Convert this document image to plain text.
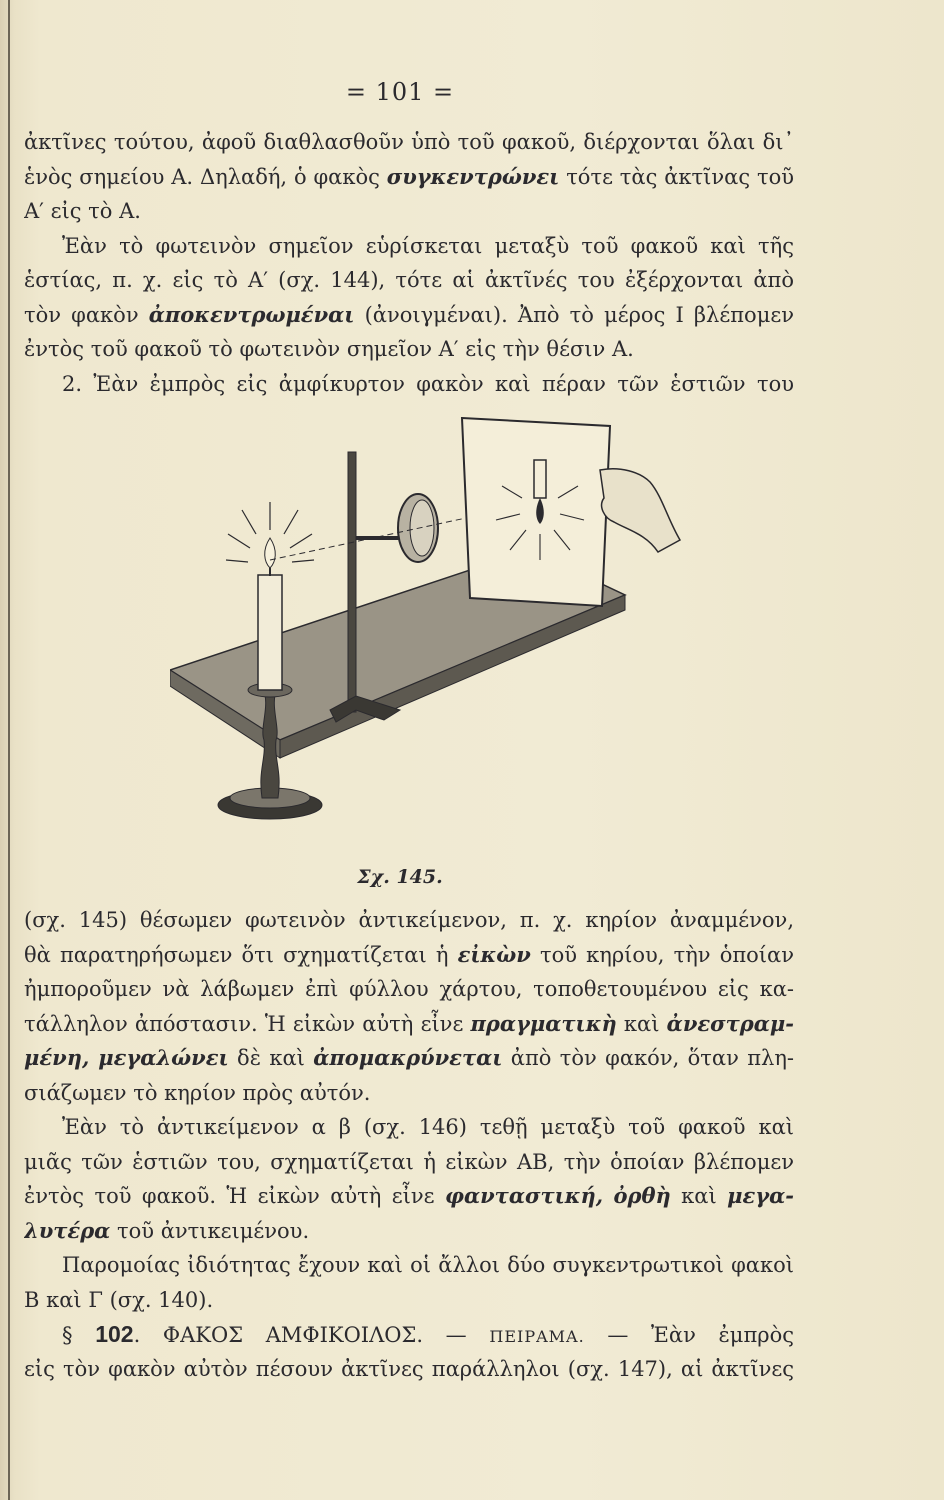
= 101 =
ἀκτῖνες τούτου, ἀφοῦ διαθλασθοῦν ὑπὸ τοῦ φακοῦ, διέρχονται ὅλαι δι᾽
ἑνὸς σημείου Α. Δηλαδή, ὁ φακὸς συγκεντρώνει τότε τὰς ἀκτῖνας τοῦ
Α′ εἰς τὸ Α.
Ἐὰν τὸ φωτεινὸν σημεῖον εὑρίσκεται μεταξὺ τοῦ φακοῦ καὶ τῆς
ἑστίας, π. χ. εἰς τὸ Α′ (σχ. 144), τότε αἱ ἀκτῖνές του ἐξέρχονται ἀπὸ
τὸν φακὸν ἀποκεντρωμέναι (ἀνοιγμέναι). Ἀπὸ τὸ μέρος Ι βλέπομεν
ἐντὸς τοῦ φακοῦ τὸ φωτεινὸν σημεῖον Α′ εἰς τὴν θέσιν Α.
2. Ἐὰν ἐμπρὸς εἰς ἀμφίκυρτον φακὸν καὶ πέραν τῶν ἑστιῶν του
Σχ. 145.
(σχ. 145) θέσωμεν φωτεινὸν ἀντικείμενον, π. χ. κηρίον ἀναμμένον,
θὰ παρατηρήσωμεν ὅτι σχηματίζεται ἡ εἰκὼν τοῦ κηρίου, τὴν ὁποίαν
ἠμποροῦμεν νὰ λάβωμεν ἐπὶ φύλλου χάρτου, τοποθετουμένου εἰς κα-
τάλληλον ἀπόστασιν. Ἡ εἰκὼν αὐτὴ εἶνε πραγματικὴ καὶ ἀνεστραμ-
μένη, μεγαλώνει δὲ καὶ ἀπομακρύνεται ἀπὸ τὸν φακόν, ὅταν πλη-
σιάζωμεν τὸ κηρίον πρὸς αὐτόν.
Ἐὰν τὸ ἀντικείμενον α β (σχ. 146) τεθῇ μεταξὺ τοῦ φακοῦ καὶ
μιᾶς τῶν ἑστιῶν του, σχηματίζεται ἡ εἰκὼν ΑΒ, τὴν ὁποίαν βλέπομεν
ἐντὸς τοῦ φακοῦ. Ἡ εἰκὼν αὐτὴ εἶνε φανταστική, ὀρθὴ καὶ μεγα-
λυτέρα τοῦ ἀντικειμένου.
Παρομοίας ἰδιότητας ἔχουν καὶ οἱ ἄλλοι δύο συγκεντρωτικοὶ φακοὶ
Β καὶ Γ (σχ. 140).
§ 102. ΦΑΚΟΣ ΑΜΦΙΚΟΙΛΟΣ. — ΠΕΙΡΑΜΑ. — Ἐὰν ἐμπρὸς
εἰς τὸν φακὸν αὐτὸν πέσουν ἀκτῖνες παράλληλοι (σχ. 147), αἱ ἀκτῖνες
